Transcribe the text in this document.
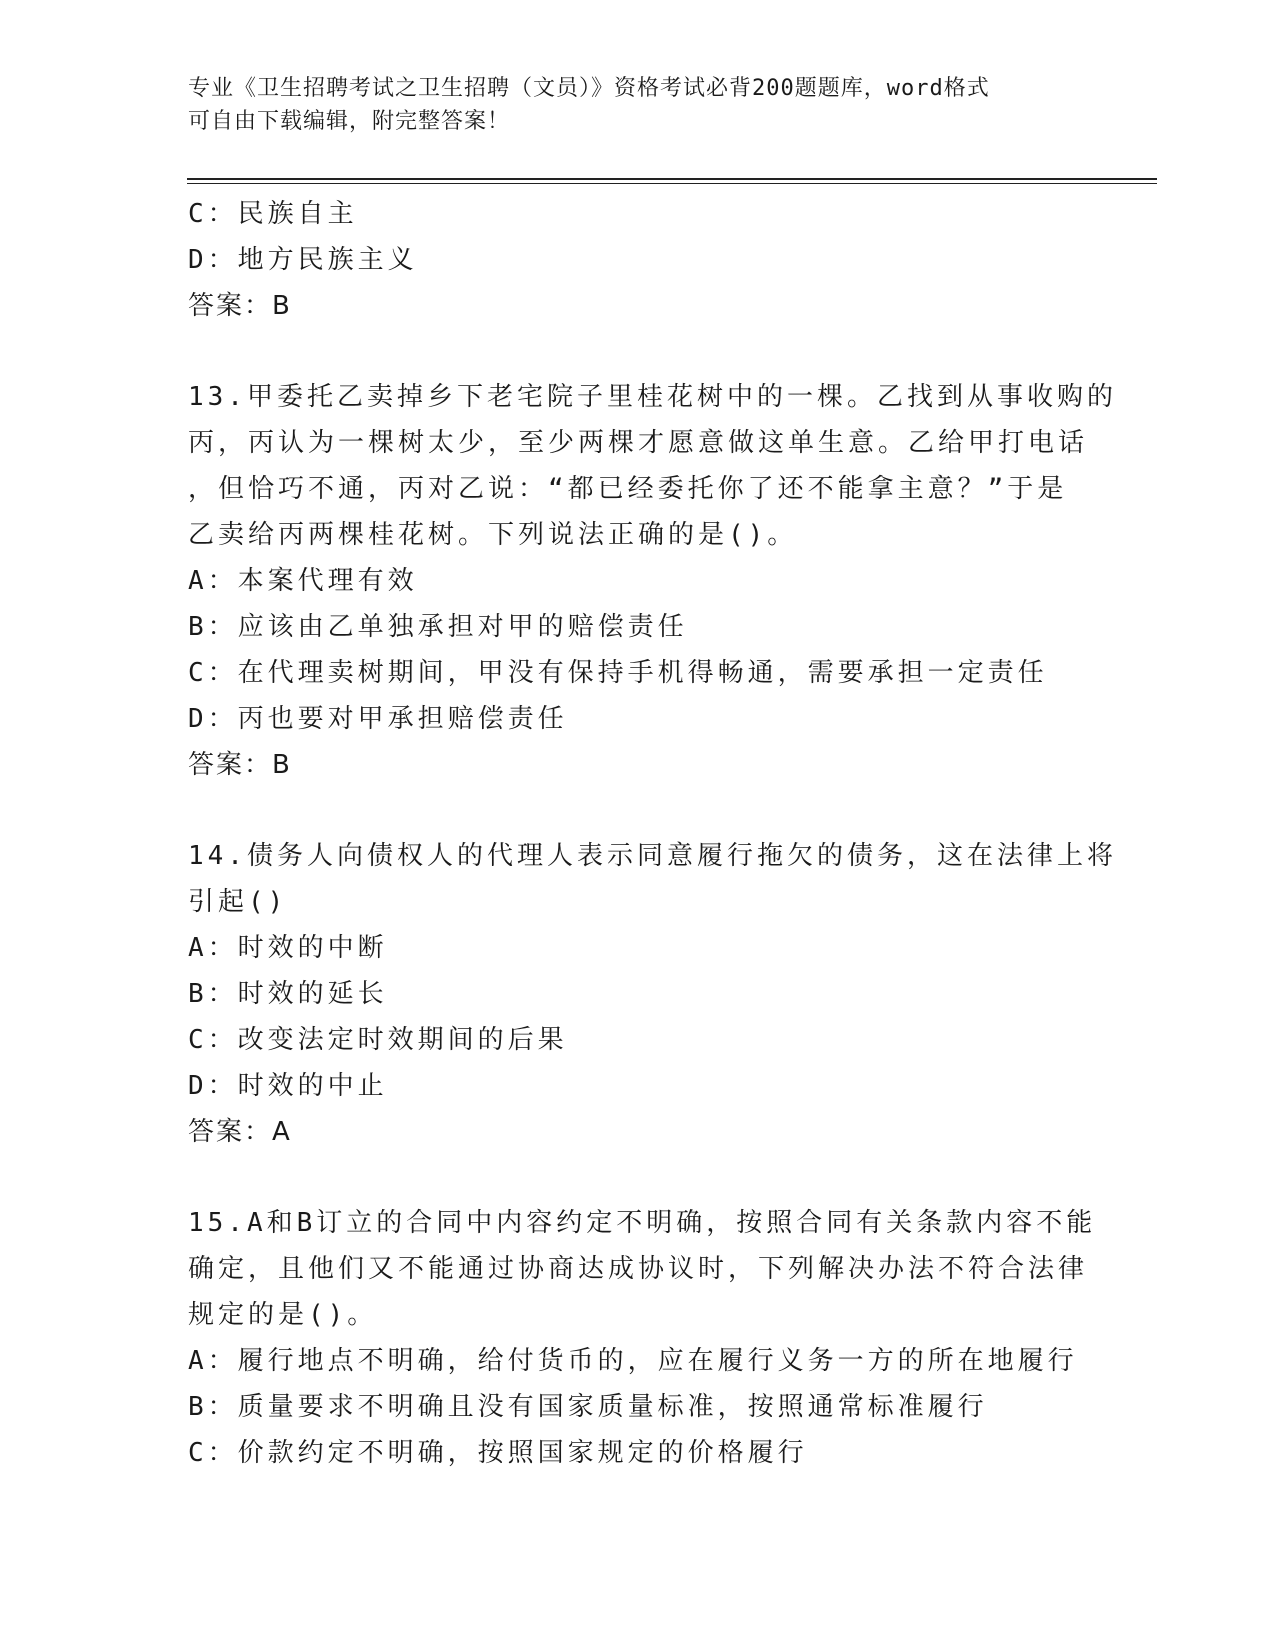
专业《卫生招聘考试之卫生招聘（文员）》资格考试必背200题题库，word格式
可自由下载编辑，附完整答案！
C：民族自主
D：地方民族主义
答案：B
13.甲委托乙卖掉乡下老宅院子里桂花树中的一棵。乙找到从事收购的
丙，丙认为一棵树太少，至少两棵才愿意做这单生意。乙给甲打电话
，但恰巧不通，丙对乙说：“都已经委托你了还不能拿主意？”于是
乙卖给丙两棵桂花树。下列说法正确的是()。
A：本案代理有效
B：应该由乙单独承担对甲的赔偿责任
C：在代理卖树期间，甲没有保持手机得畅通，需要承担一定责任
D：丙也要对甲承担赔偿责任
答案：B
14.债务人向债权人的代理人表示同意履行拖欠的债务，这在法律上将
引起()
A：时效的中断
B：时效的延长
C：改变法定时效期间的后果
D：时效的中止
答案：A
15.A和B订立的合同中内容约定不明确，按照合同有关条款内容不能
确定，且他们又不能通过协商达成协议时，下列解决办法不符合法律
规定的是()。
A：履行地点不明确，给付货币的，应在履行义务一方的所在地履行
B：质量要求不明确且没有国家质量标准，按照通常标准履行
C：价款约定不明确，按照国家规定的价格履行
